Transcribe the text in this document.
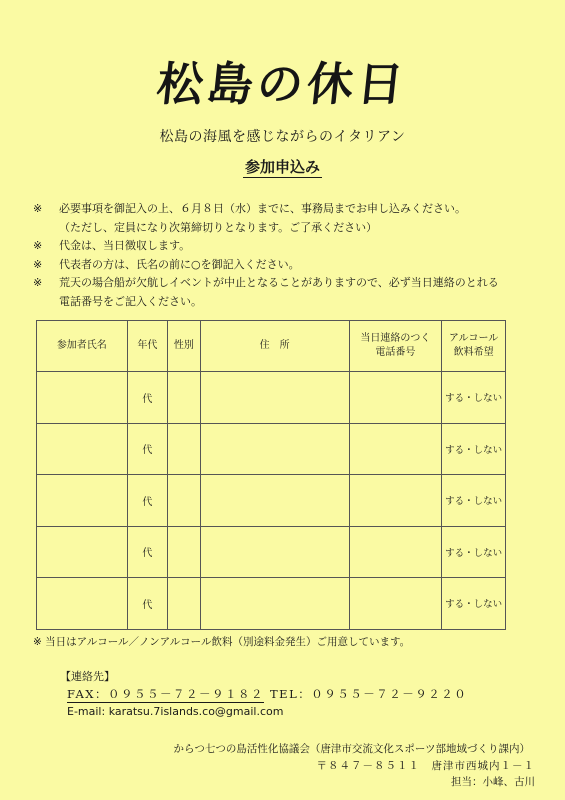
松島の休日
松島の海風を感じながらのイタリアン
参加申込み
※	必要事項を御記入の上、６月８日（水）までに、事務局までお申し込みください。
（ただし、定員になり次第締切りとなります。ご了承ください）
※	代金は、当日徴収します。
※	代表者の方は、氏名の前に○を御記入ください。
※	荒天の場合船が欠航しイベントが中止となることがありますので、必ず当日連絡のとれる
電話番号をご記入ください。
参加者氏名	年代	性別	住　所	当日連絡のつく電話番号	アルコール飲料希望

	代				する・しない
	代				する・しない
	代				する・しない
	代				する・しない
	代				する・しない
※ 当日はアルコール／ノンアルコール飲料（別途料金発生）ご用意しています。
【連絡先】
FAX：０９５５－７２－９１８２ TEL：０９５５－７２－９２２０
E-mail: karatsu.7islands.co@gmail.com
からつ七つの島活性化協議会（唐津市交流文化スポーツ部地域づくり課内）
〒８４７－８５１１　唐津市西城内１－１
担当：小峰、古川
